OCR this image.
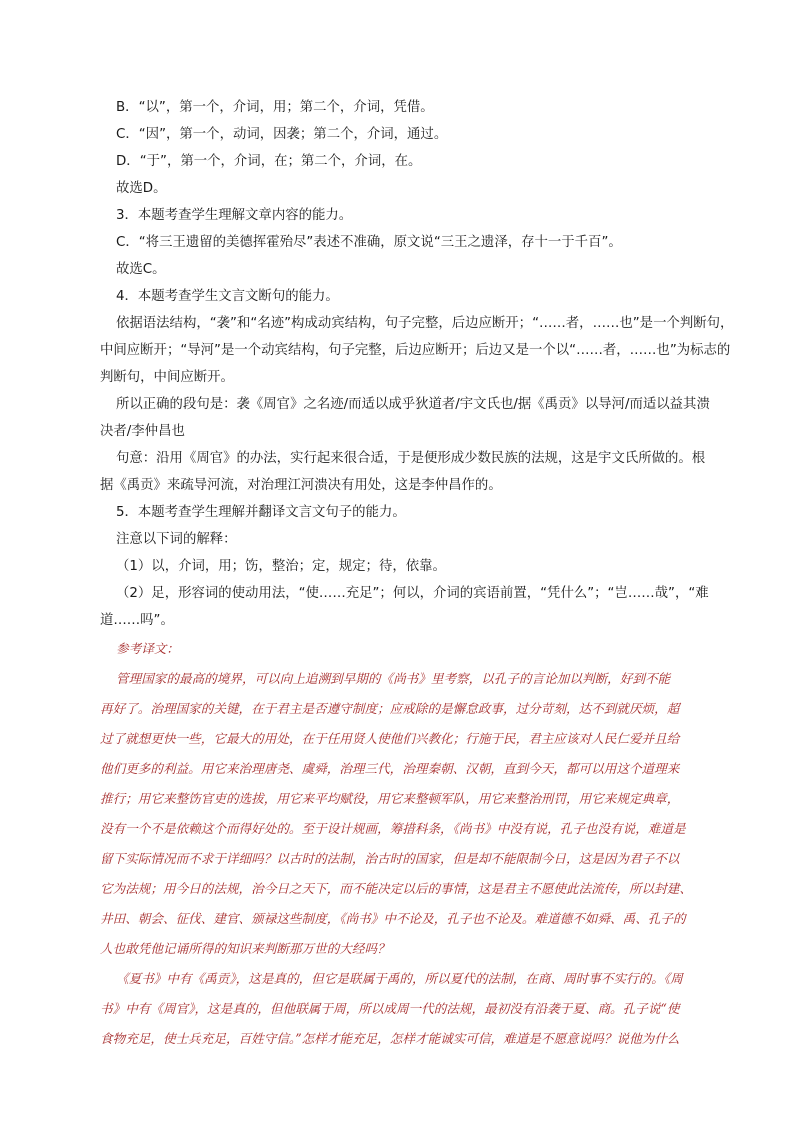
B．“以”，第一个，介词，用；第二个，介词，凭借。
C．“因”，第一个，动词，因袭；第二个，介词，通过。
D．“于”，第一个，介词，在；第二个，介词，在。
故选D。
3．本题考查学生理解文章内容的能力。
C．“将三王遗留的美德挥霍殆尽”表述不准确，原文说“三王之遗泽，存十一于千百”。
故选C。
4．本题考查学生文言文断句的能力。
依据语法结构，“袭”和“名迹”构成动宾结构，句子完整，后边应断开；“……者，……也”是一个判断句，
中间应断开；“导河”是一个动宾结构，句子完整，后边应断开；后边又是一个以“……者，……也”为标志的
判断句，中间应断开。
所以正确的段句是：袭《周官》之名迹/而适以成乎狄道者/宇文氏也/据《禹贡》以导河/而适以益其溃
决者/李仲昌也
句意：沿用《周官》的办法，实行起来很合适，于是便形成少数民族的法规，这是宇文氏所做的。根
据《禹贡》来疏导河流，对治理江河溃决有用处，这是李仲昌作的。
5．本题考查学生理解并翻译文言文句子的能力。
注意以下词的解释：
（1）以，介词，用；饬，整治；定，规定；待，依靠。
（2）足，形容词的使动用法，“使……充足”；何以，介词的宾语前置，“凭什么”；“岂……哉”，“难
道……吗”。
参考译文：
管理国家的最高的境界，可以向上追溯到早期的《尚书》里考察，以孔子的言论加以判断，好到不能
再好了。治理国家的关键，在于君主是否遵守制度；应戒除的是懈怠政事，过分苛刻，达不到就厌烦，超
过了就想更快一些，它最大的用处，在于任用贤人使他们兴教化；行施于民，君主应该对人民仁爱并且给
他们更多的利益。用它来治理唐尧、虞舜，治理三代，治理秦朝、汉朝，直到今天，都可以用这个道理来
推行；用它来整饬官吏的选拔，用它来平均赋役，用它来整顿军队，用它来整治刑罚，用它来规定典章，
没有一个不是依赖这个而得好处的。至于设计规画，筹措科条，《尚书》中没有说，孔子也没有说，难道是
留下实际情况而不求于详细吗？以古时的法制，治古时的国家，但是却不能限制今日，这是因为君子不以
它为法规；用今日的法规，治今日之天下，而不能决定以后的事情，这是君主不愿使此法流传，所以封建、
井田、朝会、征伐、建官、颁禄这些制度，《尚书》中不论及，孔子也不论及。难道德不如舜、禹、孔子的
人也敢凭他记诵所得的知识来判断那万世的大经吗？
《夏书》中有《禹贡》，这是真的，但它是联属于禹的，所以夏代的法制，在商、周时事不实行的。《周
书》中有《周官》，这是真的，但他联属于周，所以成周一代的法规，最初没有沿袭于夏、商。孔子说“使
食物充足，使士兵充足，百姓守信。”怎样才能充足，怎样才能诚实可信，难道是不愿意说吗？说他为什么
